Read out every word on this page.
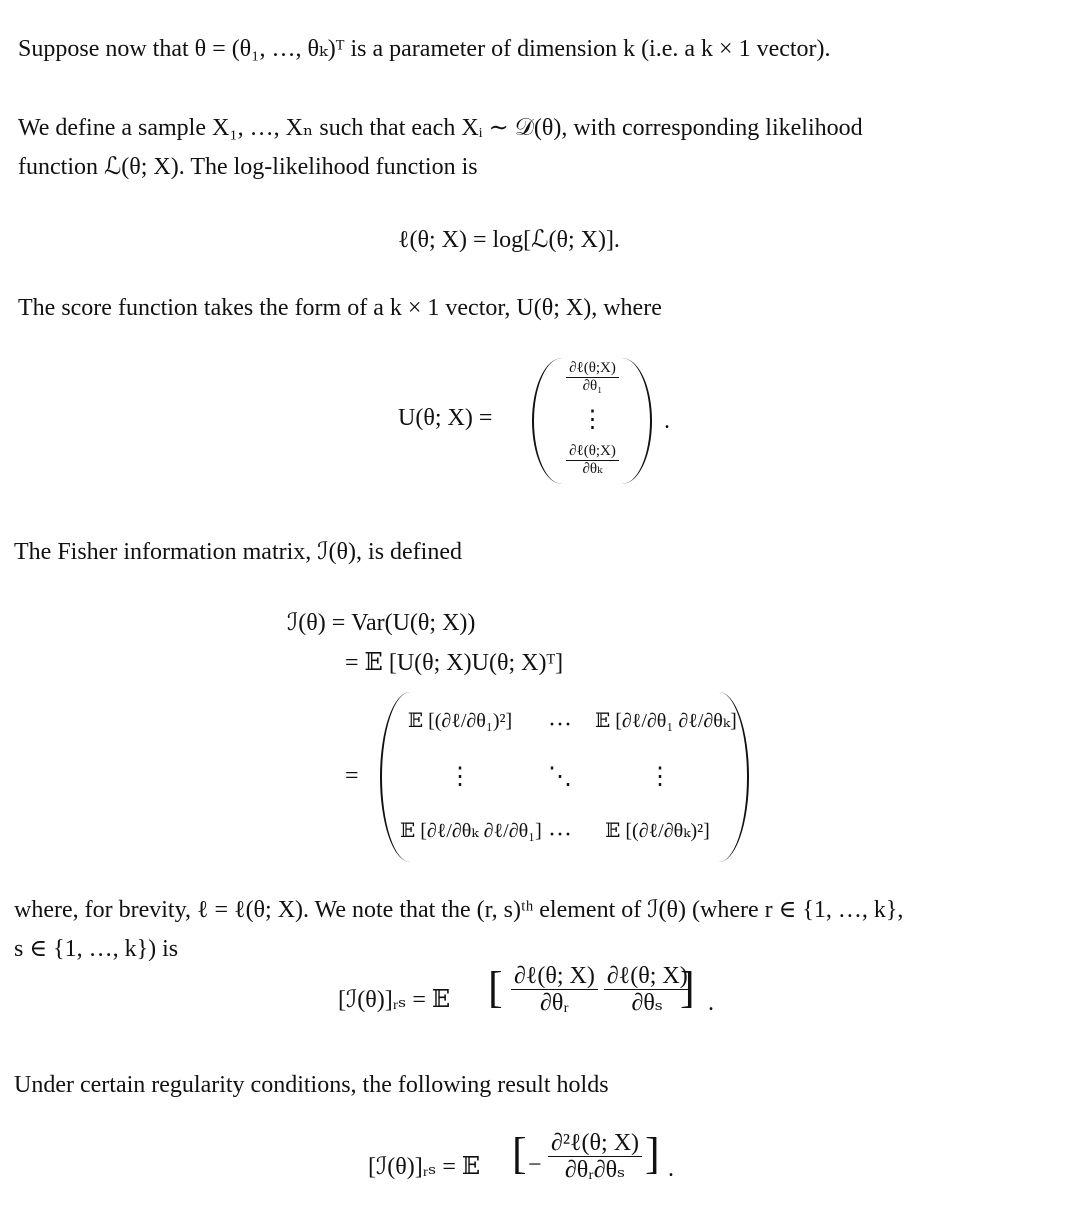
Suppose now that θ = (θ₁, …, θₖ)ᵀ is a parameter of dimension k (i.e. a k × 1 vector).
We define a sample X₁, …, Xₙ such that each Xᵢ ∼ 𝒟(θ), with corresponding likelihood
function ℒ(θ; X). The log-likelihood function is
ℓ(θ; X) = log[ℒ(θ; X)].
The score function takes the form of a k × 1 vector, U(θ; X), where
U(θ; X) =
$\frac{\text{∂ℓ(θ;X)}}{\text{∂θ₁}}$
⋮
$\frac{\text{∂ℓ(θ;X)}}{\text{∂θₖ}}$
.
The Fisher information matrix, ℐ(θ), is defined
ℐ(θ) = Var(U(θ; X))
= 𝔼 [U(θ; X)U(θ; X)ᵀ]
=
𝔼 [(∂ℓ/∂θ₁)²]	···	𝔼 [∂ℓ/∂θ₁ ∂ℓ/∂θₖ]
⋮	⋱	⋮
𝔼 [∂ℓ/∂θₖ ∂ℓ/∂θ₁] ···	𝔼 [(∂ℓ/∂θₖ)²]
where, for brevity, ℓ = ℓ(θ; X). We note that the (r, s)ᵗʰ element of ℐ(θ) (where r ∈ {1, …, k},
s ∈ {1, …, k}) is
[ℐ(θ)]ᵣₛ = 𝔼 [ $\frac{\text{∂ℓ(θ; X)}}{\text{∂θᵣ}} \frac{\text{∂ℓ(θ; X)}}{\text{∂θₛ}}$
] .
Under certain regularity conditions, the following result holds
[ℐ(θ)]ᵣₛ = 𝔼 [ − $\frac{\text{∂²ℓ(θ; X)}}{\text{∂θᵣ∂θₛ}}$ ] .
